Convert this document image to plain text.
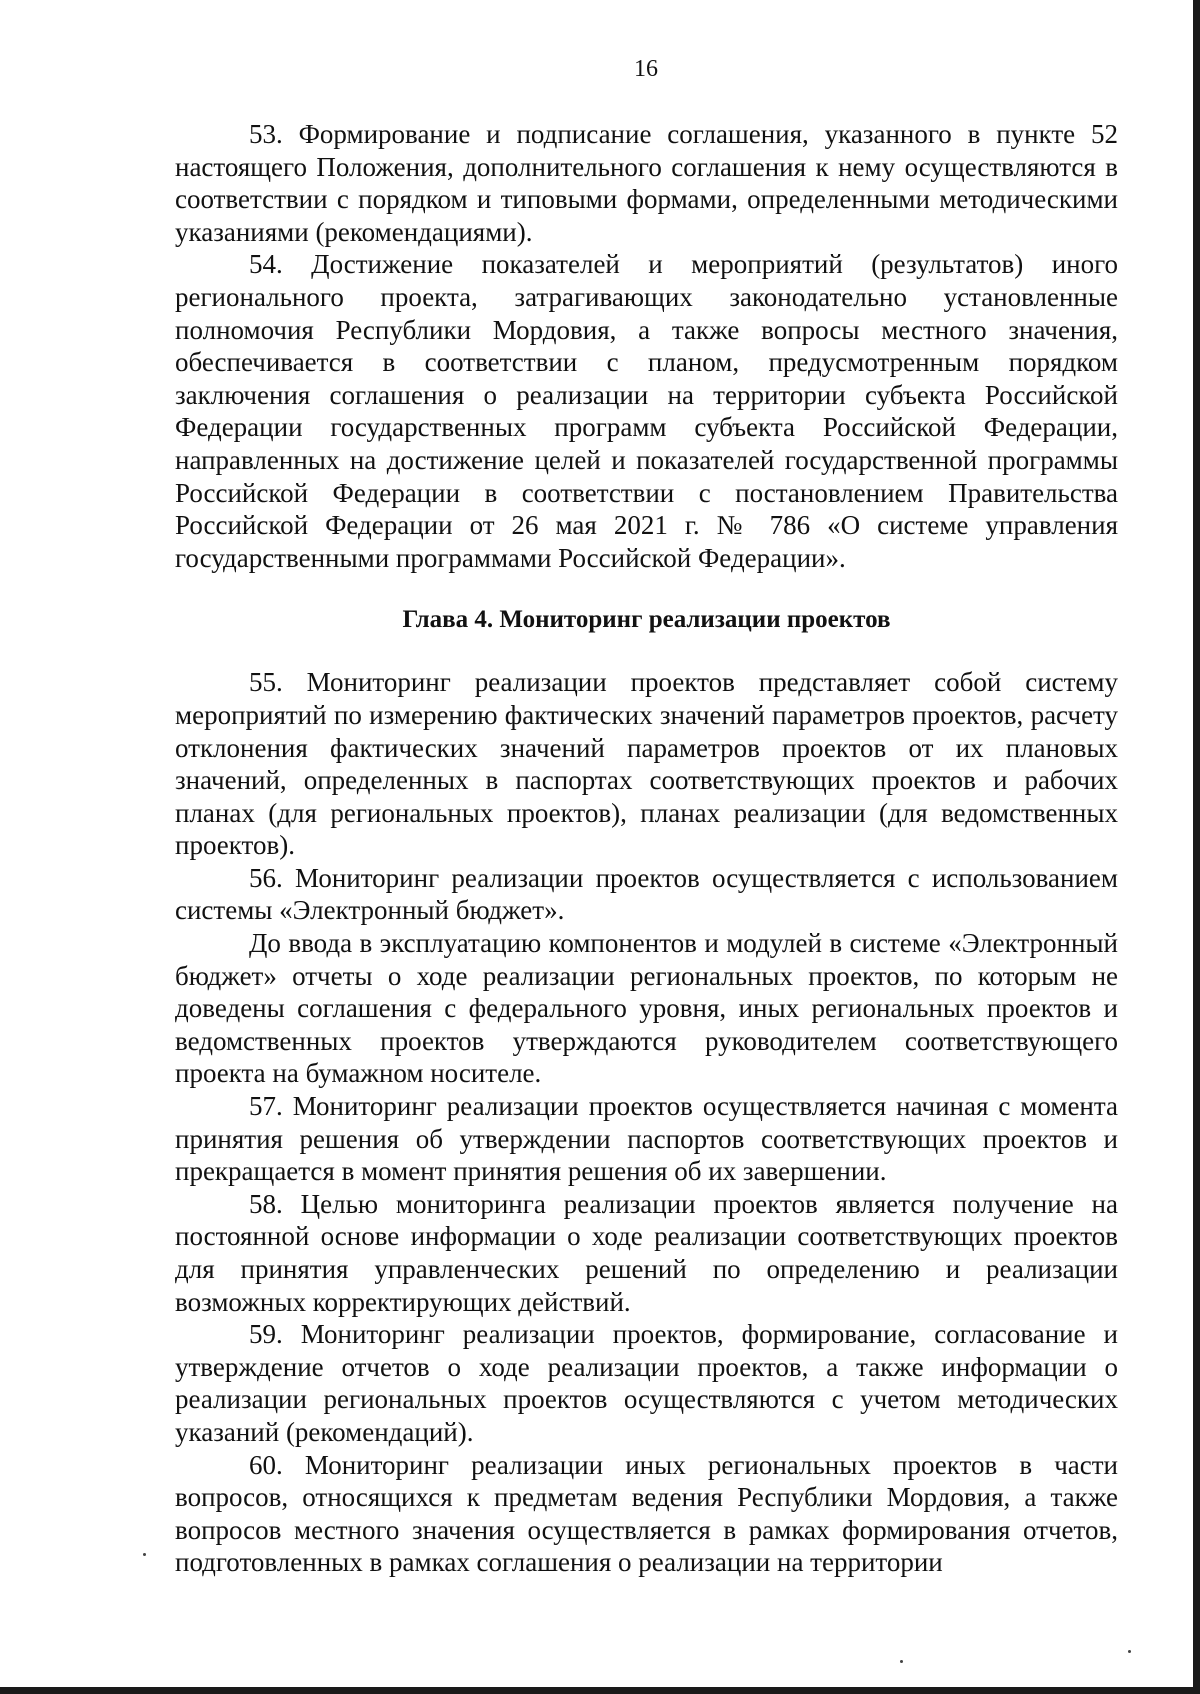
16

53. Формирование и подписание соглашения, указанного в пункте 52 настоящего Положения, дополнительного соглашения к нему осуществляются в соответствии с порядком и типовыми формами, определенными методическими указаниями (рекомендациями).

54. Достижение показателей и мероприятий (результатов) иного регионального проекта, затрагивающих законодательно установленные полномочия Республики Мордовия, а также вопросы местного значения, обеспечивается в соответствии с планом, предусмотренным порядком заключения соглашения о реализации на территории субъекта Российской Федерации государственных программ субъекта Российской Федерации, направленных на достижение целей и показателей государственной программы Российской Федерации в соответствии с постановлением Правительства Российской Федерации от 26 мая 2021 г. № 786 «О системе управления государственными программами Российской Федерации».

Глава 4. Мониторинг реализации проектов

55. Мониторинг реализации проектов представляет собой систему мероприятий по измерению фактических значений параметров проектов, расчету отклонения фактических значений параметров проектов от их плановых значений, определенных в паспортах соответствующих проектов и рабочих планах (для региональных проектов), планах реализации (для ведомственных проектов).

56. Мониторинг реализации проектов осуществляется с использованием системы «Электронный бюджет».

До ввода в эксплуатацию компонентов и модулей в системе «Электронный бюджет» отчеты о ходе реализации региональных проектов, по которым не доведены соглашения с федерального уровня, иных региональных проектов и ведомственных проектов утверждаются руководителем соответствующего проекта на бумажном носителе.

57. Мониторинг реализации проектов осуществляется начиная с момента принятия решения об утверждении паспортов соответствующих проектов и прекращается в момент принятия решения об их завершении.

58. Целью мониторинга реализации проектов является получение на постоянной основе информации о ходе реализации соответствующих проектов для принятия управленческих решений по определению и реализации возможных корректирующих действий.

59. Мониторинг реализации проектов, формирование, согласование и утверждение отчетов о ходе реализации проектов, а также информации о реализации региональных проектов осуществляются с учетом методических указаний (рекомендаций).

60. Мониторинг реализации иных региональных проектов в части вопросов, относящихся к предметам ведения Республики Мордовия, а также вопросов местного значения осуществляется в рамках формирования отчетов, подготовленных в рамках соглашения о реализации на территории
